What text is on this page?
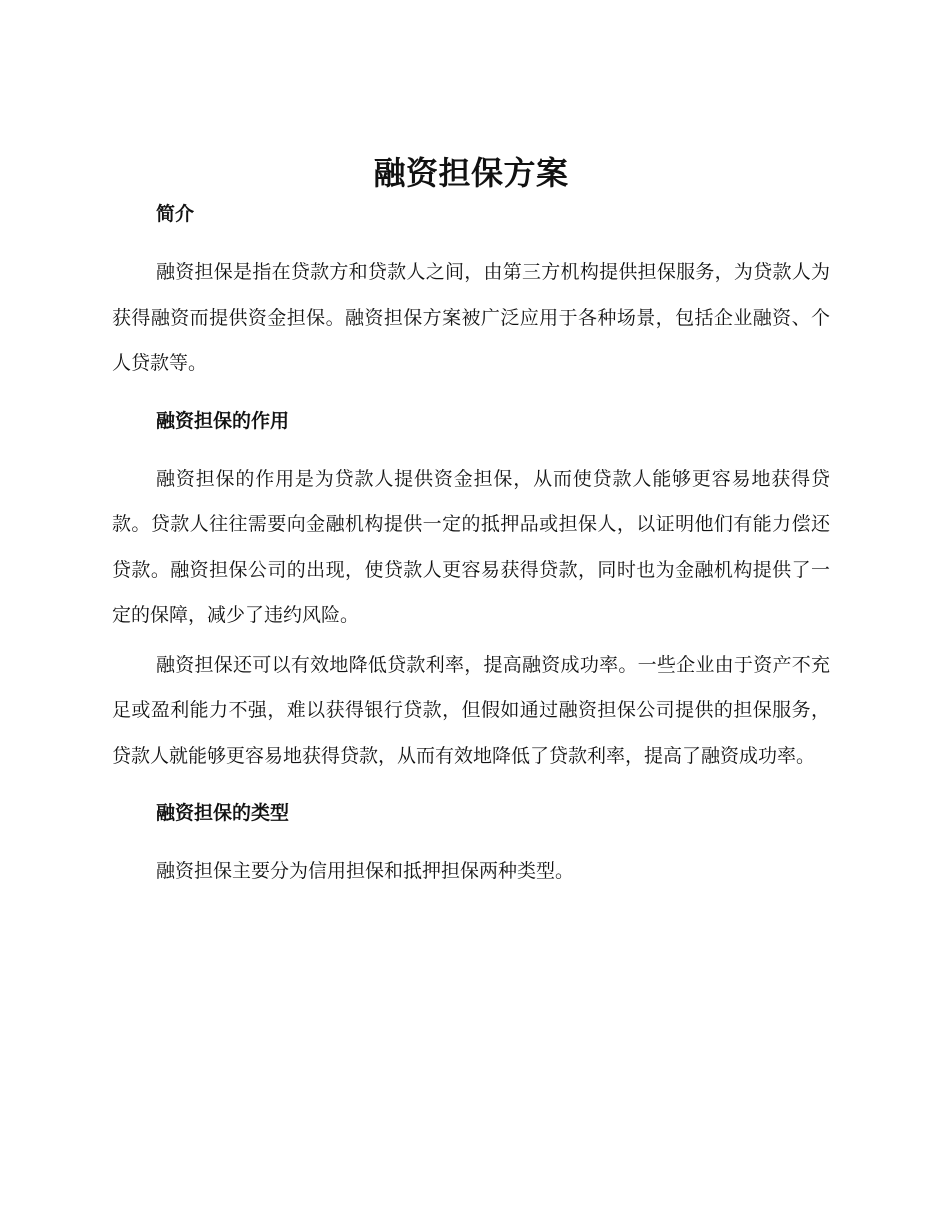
融资担保方案
简介

融资担保是指在贷款方和贷款人之间，由第三方机构提供担保服务，为贷款人为获得融资而提供资金担保。融资担保方案被广泛应用于各种场景，包括企业融资、个人贷款等。

融资担保的作用

融资担保的作用是为贷款人提供资金担保，从而使贷款人能够更容易地获得贷款。贷款人往往需要向金融机构提供一定的抵押品或担保人，以证明他们有能力偿还贷款。融资担保公司的出现，使贷款人更容易获得贷款，同时也为金融机构提供了一定的保障，减少了违约风险。

融资担保还可以有效地降低贷款利率，提高融资成功率。一些企业由于资产不充足或盈利能力不强，难以获得银行贷款，但假如通过融资担保公司提供的担保服务，贷款人就能够更容易地获得贷款，从而有效地降低了贷款利率，提高了融资成功率。

融资担保的类型

融资担保主要分为信用担保和抵押担保两种类型。
